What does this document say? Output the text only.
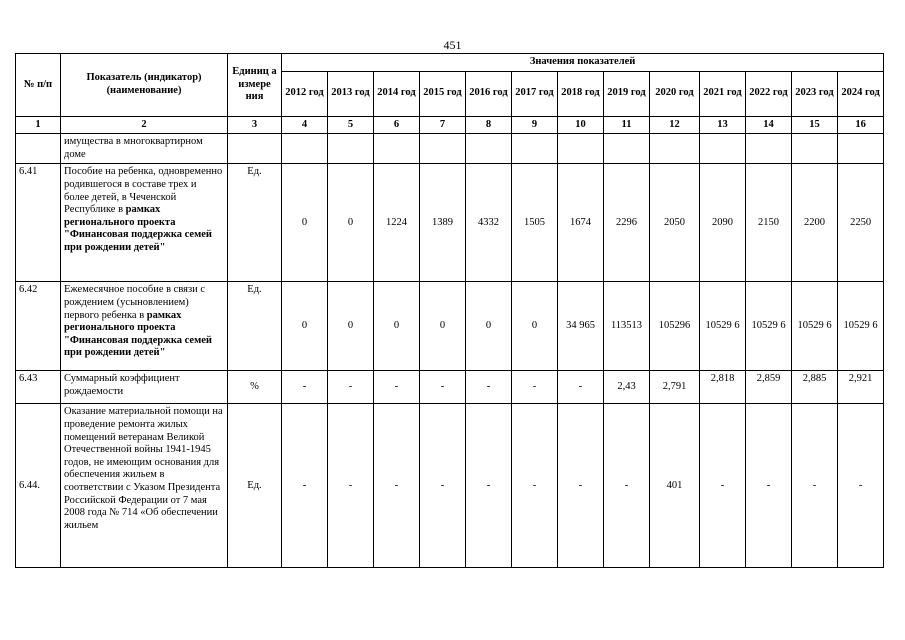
451
№ п/п	Показатель (индикатор) (наименование)	Единиц а измере ния	Значения показателей												
			2012 год	2013 год	2014 год	2015 год	2016 год	2017 год	2018 год	2019 год	2020 год	2021 год	2022 год	2023 год	2024 год
1	2	3	4	5	6	7	8	9	10	11	12	13	14	15	16
	имущества в многоквартирном доме														
6.41	Пособие на ребенка, одновременно родившегося в составе трех и более детей, в Чеченской Республике в рамках регионального проекта "Финансовая поддержка семей при рождении детей"	Ед.	0	0	1224	1389	4332	1505	1674	2296	2050	2090	2150	2200	2250
6.42	Ежемесячное пособие в связи с рождением (усыновлением) первого ребенка в рамках регионального проекта "Финансовая поддержка семей при рождении детей"	Ед.	0	0	0	0	0	0	34 965	113513	105296	10529 6	10529 6	10529 6	10529 6
6.43	Суммарный коэффициент рождаемости	%	-	-	-	-	-	-	-	2,43	2,791	2,818	2,859	2,885	2,921
6.44.	Оказание материальной помощи на проведение ремонта жилых помещений ветеранам Великой Отечественной войны 1941-1945 годов, не имеющим основания для обеспечения жильем в соответствии с Указом Президента Российской Федерации от 7 мая 2008 года № 714 «Об обеспечении жильем	Ед.	-	-	-	-	-	-	-	-	401	-	-	-	-
